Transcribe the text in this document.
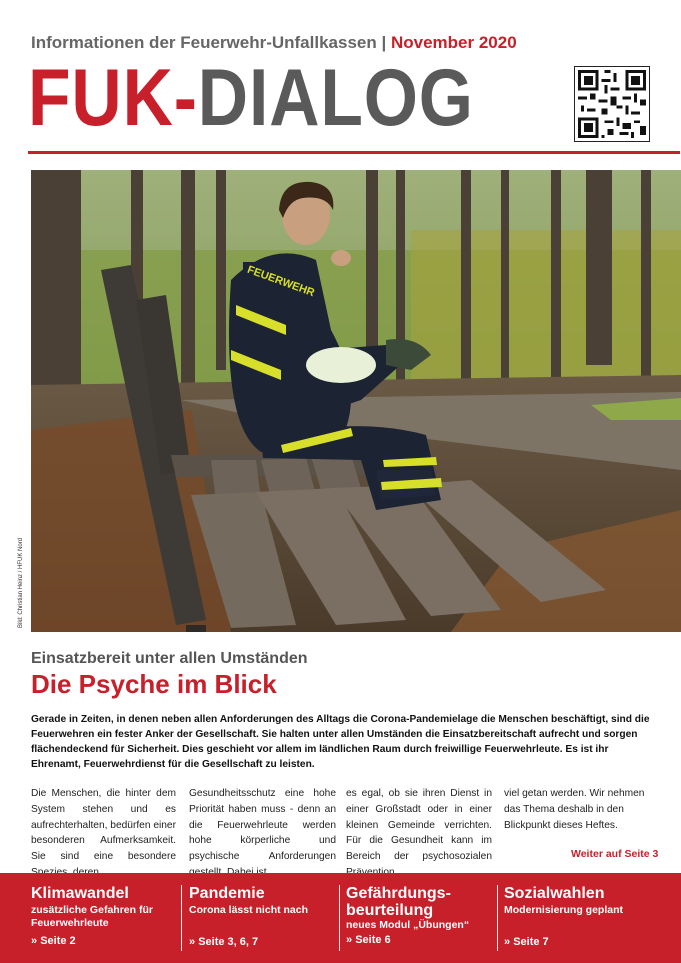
Informationen der Feuerwehr-Unfallkassen | November 2020
FUK-DIALOG
FEUERWEHR
Bild: Christian Heinz / HFUK Nord
Einsatzbereit unter allen Umständen
Die Psyche im Blick
Gerade in Zeiten, in denen neben allen Anforderungen des Alltags die Corona-Pandemielage die Menschen beschäftigt, sind die Feuerwehren ein fester Anker der Gesellschaft. Sie halten unter allen Umständen die Einsatzbereitschaft aufrecht und sorgen flächendeckend für Sicherheit. Dies geschieht vor allem im ländlichen Raum durch freiwillige Feuerwehrleute. Es ist ihr Ehrenamt, Feuerwehrdienst für die Gesellschaft zu leisten.
Die Menschen, die hinter dem System stehen und es aufrechterhalten, bedürfen einer besonderen Aufmerksamkeit. Sie sind eine besondere
Gesundheitsschutz eine hohe Priorität haben muss - denn an die Feuerwehrleute werden hohe körperliche und psychische Anforderungen
es egal, ob sie ihren Dienst in einer Großstadt oder in einer kleinen Gemeinde verrichten. Für die Gesundheit kann im Bereich der psychosozialen
viel getan werden. Wir nehmen das Thema deshalb in den Blickpunkt dieses Heftes.
Weiter auf Seite 3
Klimawandel
zusätzliche Gefahren für Feuerwehrleute
» Seite 2
Pandemie
Corona lässt nicht nach
» Seite 3, 6, 7
Gefährdungs-beurteilung
neues Modul „Übungen“
» Seite 6
Sozialwahlen
Modernisierung geplant
» Seite 7
